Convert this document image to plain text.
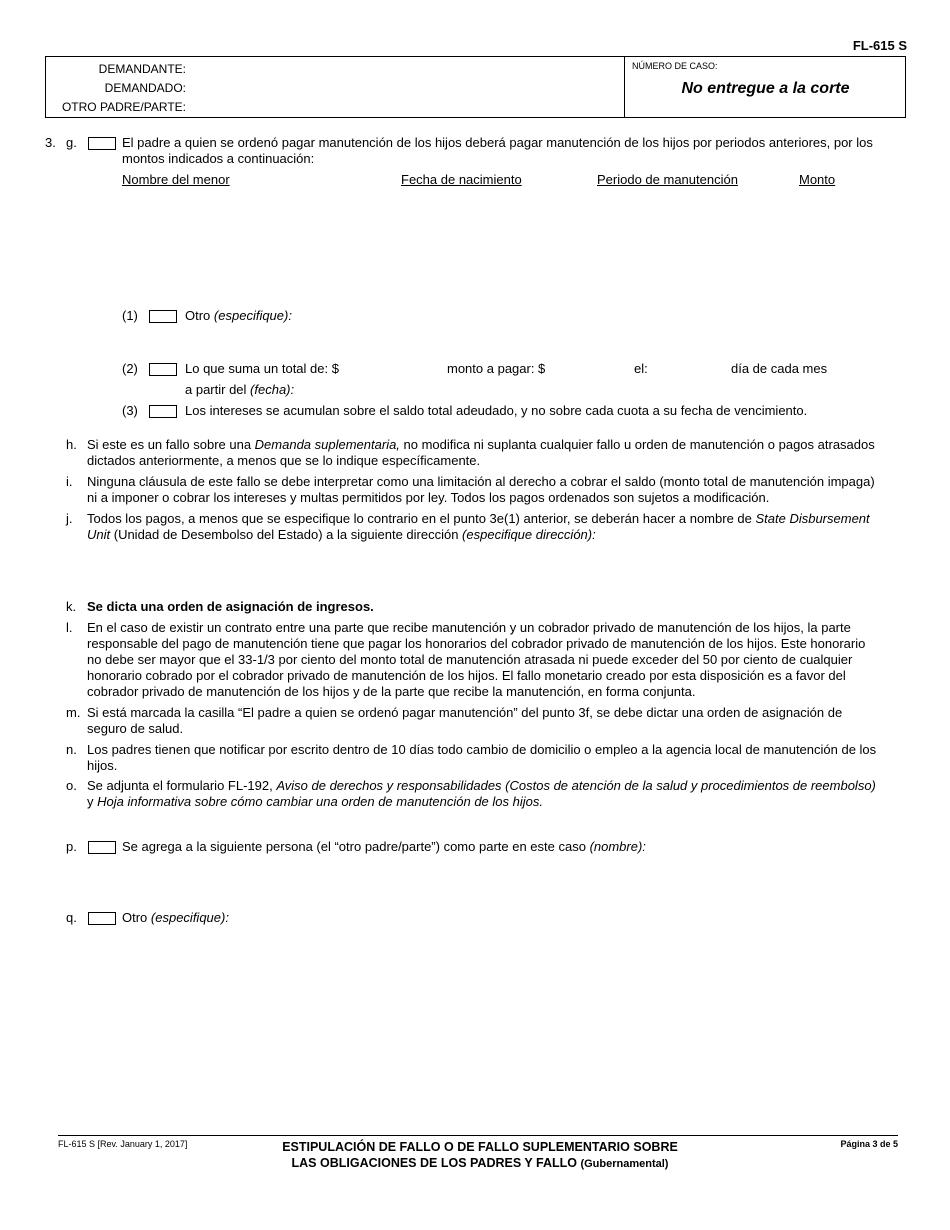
FL-615 S
DEMANDANTE:
DEMANDADO:
OTRO PADRE/PARTE:
NÚMERO DE CASO:
No entregue a la corte
3. g.	El padre a quien se ordenó pagar manutención de los hijos deberá pagar manutención de los hijos por periodos anteriores, por los montos indicados a continuación:
Nombre del menor	Fecha de nacimiento	Periodo de manutención	Monto
(1)	Otro (especifique):
(2)	Lo que suma un total de: $	monto a pagar: $	el:	día de cada mes
a partir del (fecha):
(3)	Los intereses se acumulan sobre el saldo total adeudado, y no sobre cada cuota a su fecha de vencimiento.
h. Si este es un fallo sobre una Demanda suplementaria, no modifica ni suplanta cualquier fallo u orden de manutención o pagos atrasados dictados anteriormente, a menos que se lo indique específicamente.
i. Ninguna cláusula de este fallo se debe interpretar como una limitación al derecho a cobrar el saldo (monto total de manutención impaga) ni a imponer o cobrar los intereses y multas permitidos por ley. Todos los pagos ordenados son sujetos a modificación.
j. Todos los pagos, a menos que se especifique lo contrario en el punto 3e(1) anterior, se deberán hacer a nombre de State Disbursement Unit (Unidad de Desembolso del Estado) a la siguiente dirección (especifique dirección):
k. Se dicta una orden de asignación de ingresos.
l. En el caso de existir un contrato entre una parte que recibe manutención y un cobrador privado de manutención de los hijos, la parte responsable del pago de manutención tiene que pagar los honorarios del cobrador privado de manutención de los hijos. Este honorario no debe ser mayor que el 33-1/3 por ciento del monto total de manutención atrasada ni puede exceder del 50 por ciento de cualquier honorario cobrado por el cobrador privado de manutención de los hijos. El fallo monetario creado por esta disposición es a favor del cobrador privado de manutención de los hijos y de la parte que recibe la manutención, en forma conjunta.
m. Si está marcada la casilla “El padre a quien se ordenó pagar manutención” del punto 3f, se debe dictar una orden de asignación de seguro de salud.
n. Los padres tienen que notificar por escrito dentro de 10 días todo cambio de domicilio o empleo a la agencia local de manutención de los hijos.
o. Se adjunta el formulario FL-192, Aviso de derechos y responsabilidades (Costos de atención de la salud y procedimientos de reembolso) y Hoja informativa sobre cómo cambiar una orden de manutención de los hijos.
p.	Se agrega a la siguiente persona (el “otro padre/parte”) como parte en este caso (nombre):
q.	Otro (especifique):
FL-615 S [Rev. January 1, 2017]	ESTIPULACIÓN DE FALLO O DE FALLO SUPLEMENTARIO SOBRE
LAS OBLIGACIONES DE LOS PADRES Y FALLO (Gubernamental)
Página 3 de 5
